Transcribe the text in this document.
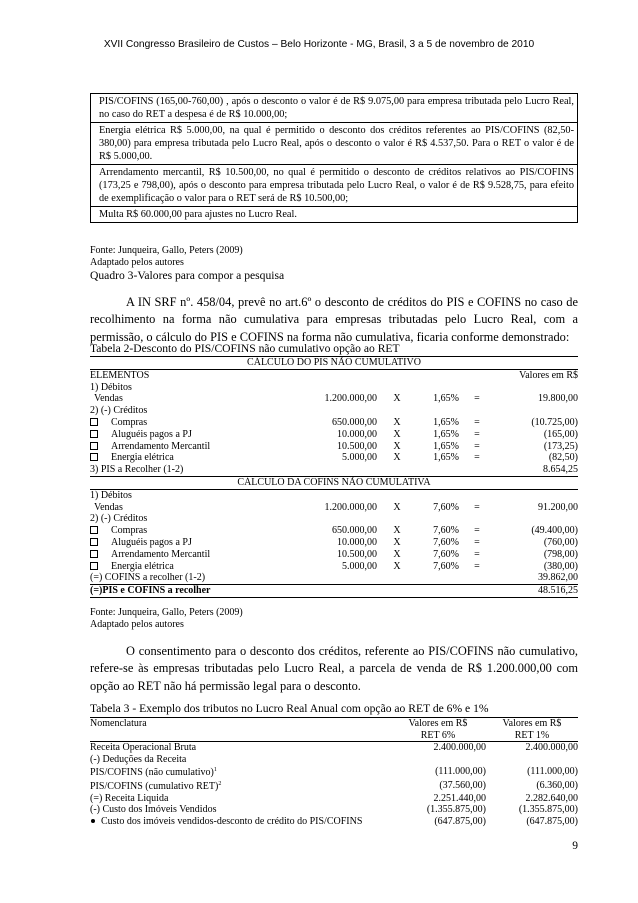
XVII Congresso Brasileiro de Custos – Belo Horizonte - MG, Brasil, 3 a 5 de novembro de 2010
PIS/COFINS (165,00-760,00) , após o desconto o valor é de R$ 9.075,00 para empresa tributada pelo Lucro Real, no caso do RET a despesa é de R$ 10.000,00;
Energia elétrica R$ 5.000,00, na qual é permitido o desconto dos créditos referentes ao PIS/COFINS (82,50-380,00) para empresa tributada pelo Lucro Real, após o desconto o valor é R$ 4.537,50. Para o RET o valor é de R$ 5.000,00.
Arrendamento mercantil, R$ 10.500,00, no qual é permitido o desconto de créditos relativos ao PIS/COFINS (173,25 e 798,00), após o desconto para empresa tributada pelo Lucro Real, o valor é de R$ 9.528,75, para efeito de exemplificação o valor para o RET será de R$ 10.500,00;
Multa R$ 60.000,00 para ajustes no Lucro Real.
Fonte: Junqueira, Gallo, Peters (2009)
Adaptado pelos autores
Quadro 3-Valores para compor a pesquisa
A IN SRF nº. 458/04, prevê no art.6º o desconto de créditos do PIS e COFINS no caso de recolhimento na forma não cumulativa para empresas tributadas pelo Lucro Real, com a permissão, o cálculo do PIS e COFINS na forma não cumulativa, ficaria conforme demonstrado:
Tabela 2-Desconto do PIS/COFINS não cumulativo opção ao RET
CÁLCULO DO PIS NÃO CUMULATIVO					
ELEMENTOS					Valores em R$
1) Débitos					
Vendas	1.200.000,00	X	1,65%	=	19.800,00
2) (-) Créditos					
Compras	650.000,00	X	1,65%	=	(10.725,00)
Aluguéis pagos a PJ	10.000,00	X	1,65%	=	(165,00)
Arrendamento Mercantil	10.500,00	X	1,65%	=	(173,25)
Energia elétrica	5.000,00	X	1,65%	=	(82,50)
3) PIS a Recolher (1-2)					8.654,25
CÁLCULO DA COFINS NÃO CUMULATIVA					
1) Débitos					
Vendas	1.200.000,00	X	7,60%	=	91.200,00
2) (-) Créditos					
Compras	650.000,00	X	7,60%	=	(49.400,00)
Aluguéis pagos a PJ	10.000,00	X	7,60%	=	(760,00)
Arrendamento Mercantil	10.500,00	X	7,60%	=	(798,00)
Energia elétrica	5.000,00	X	7,60%	=	(380,00)
(=) COFINS a recolher (1-2)					39.862,00
(=)PIS e COFINS a recolher					48.516,25
Fonte: Junqueira, Gallo, Peters (2009)
Adaptado pelos autores
O consentimento para o desconto dos créditos, referente ao PIS/COFINS não cumulativo, refere-se às empresas tributadas pelo Lucro Real, a parcela de venda de R$ 1.200.000,00 com opção ao RET não há permissão legal para o desconto.
Tabela 3 - Exemplo dos tributos no Lucro Real Anual com opção ao RET de 6% e 1%
Nomenclatura	Valores em R$	Valores em R$
	RET 6%	RET 1%
Receita Operacional Bruta	2.400.000,00	2.400.000,00
(-) Deduções da Receita		
PIS/COFINS (não cumulativo)$^1$	(111.000,00)	(111.000,00)
PIS/COFINS (cumulativo RET)$^2$	(37.560,00)	(6.360,00)
(=) Receita Liquida	2.251.440,00	2.282.640,00
(-) Custo dos Imóveis Vendidos	(1.355.875,00)	(1.355.875,00)
Custo dos imóveis vendidos-desconto de crédito do PIS/COFINS	(647.875,00)	(647.875,00)
9
